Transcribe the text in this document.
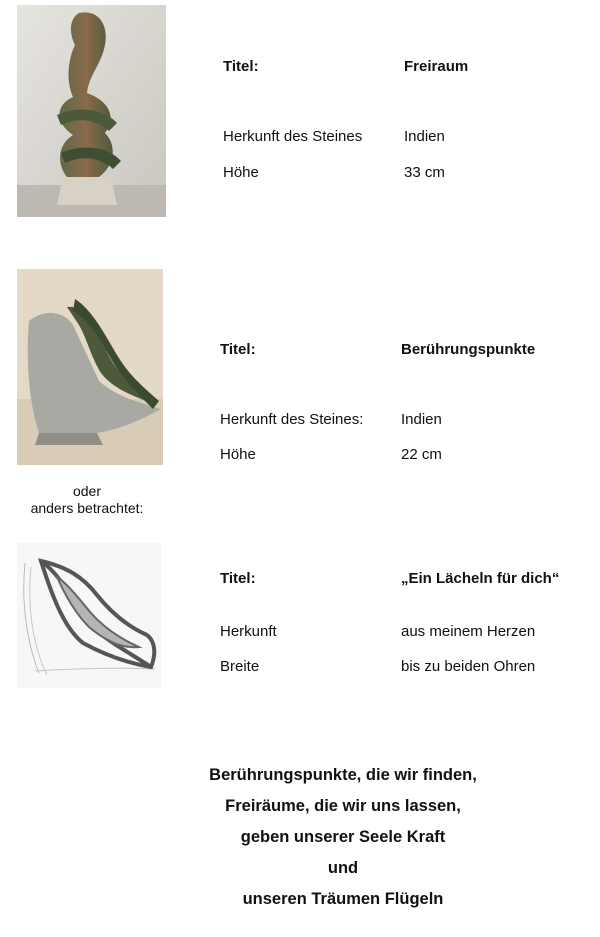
Titel:	Freiraum
Herkunft des Steines	Indien
Höhe	33 cm
Titel:	Berührungspunkte
Herkunft des Steines:	Indien
Höhe	22 cm
oder
anders betrachtet:
Titel:	„Ein Lächeln für dich“
Herkunft	aus meinem Herzen
Breite	bis zu beiden Ohren
Berührungspunkte, die wir finden,
Freiräume, die wir uns lassen,
geben unserer Seele Kraft
und
unseren Träumen Flügeln
